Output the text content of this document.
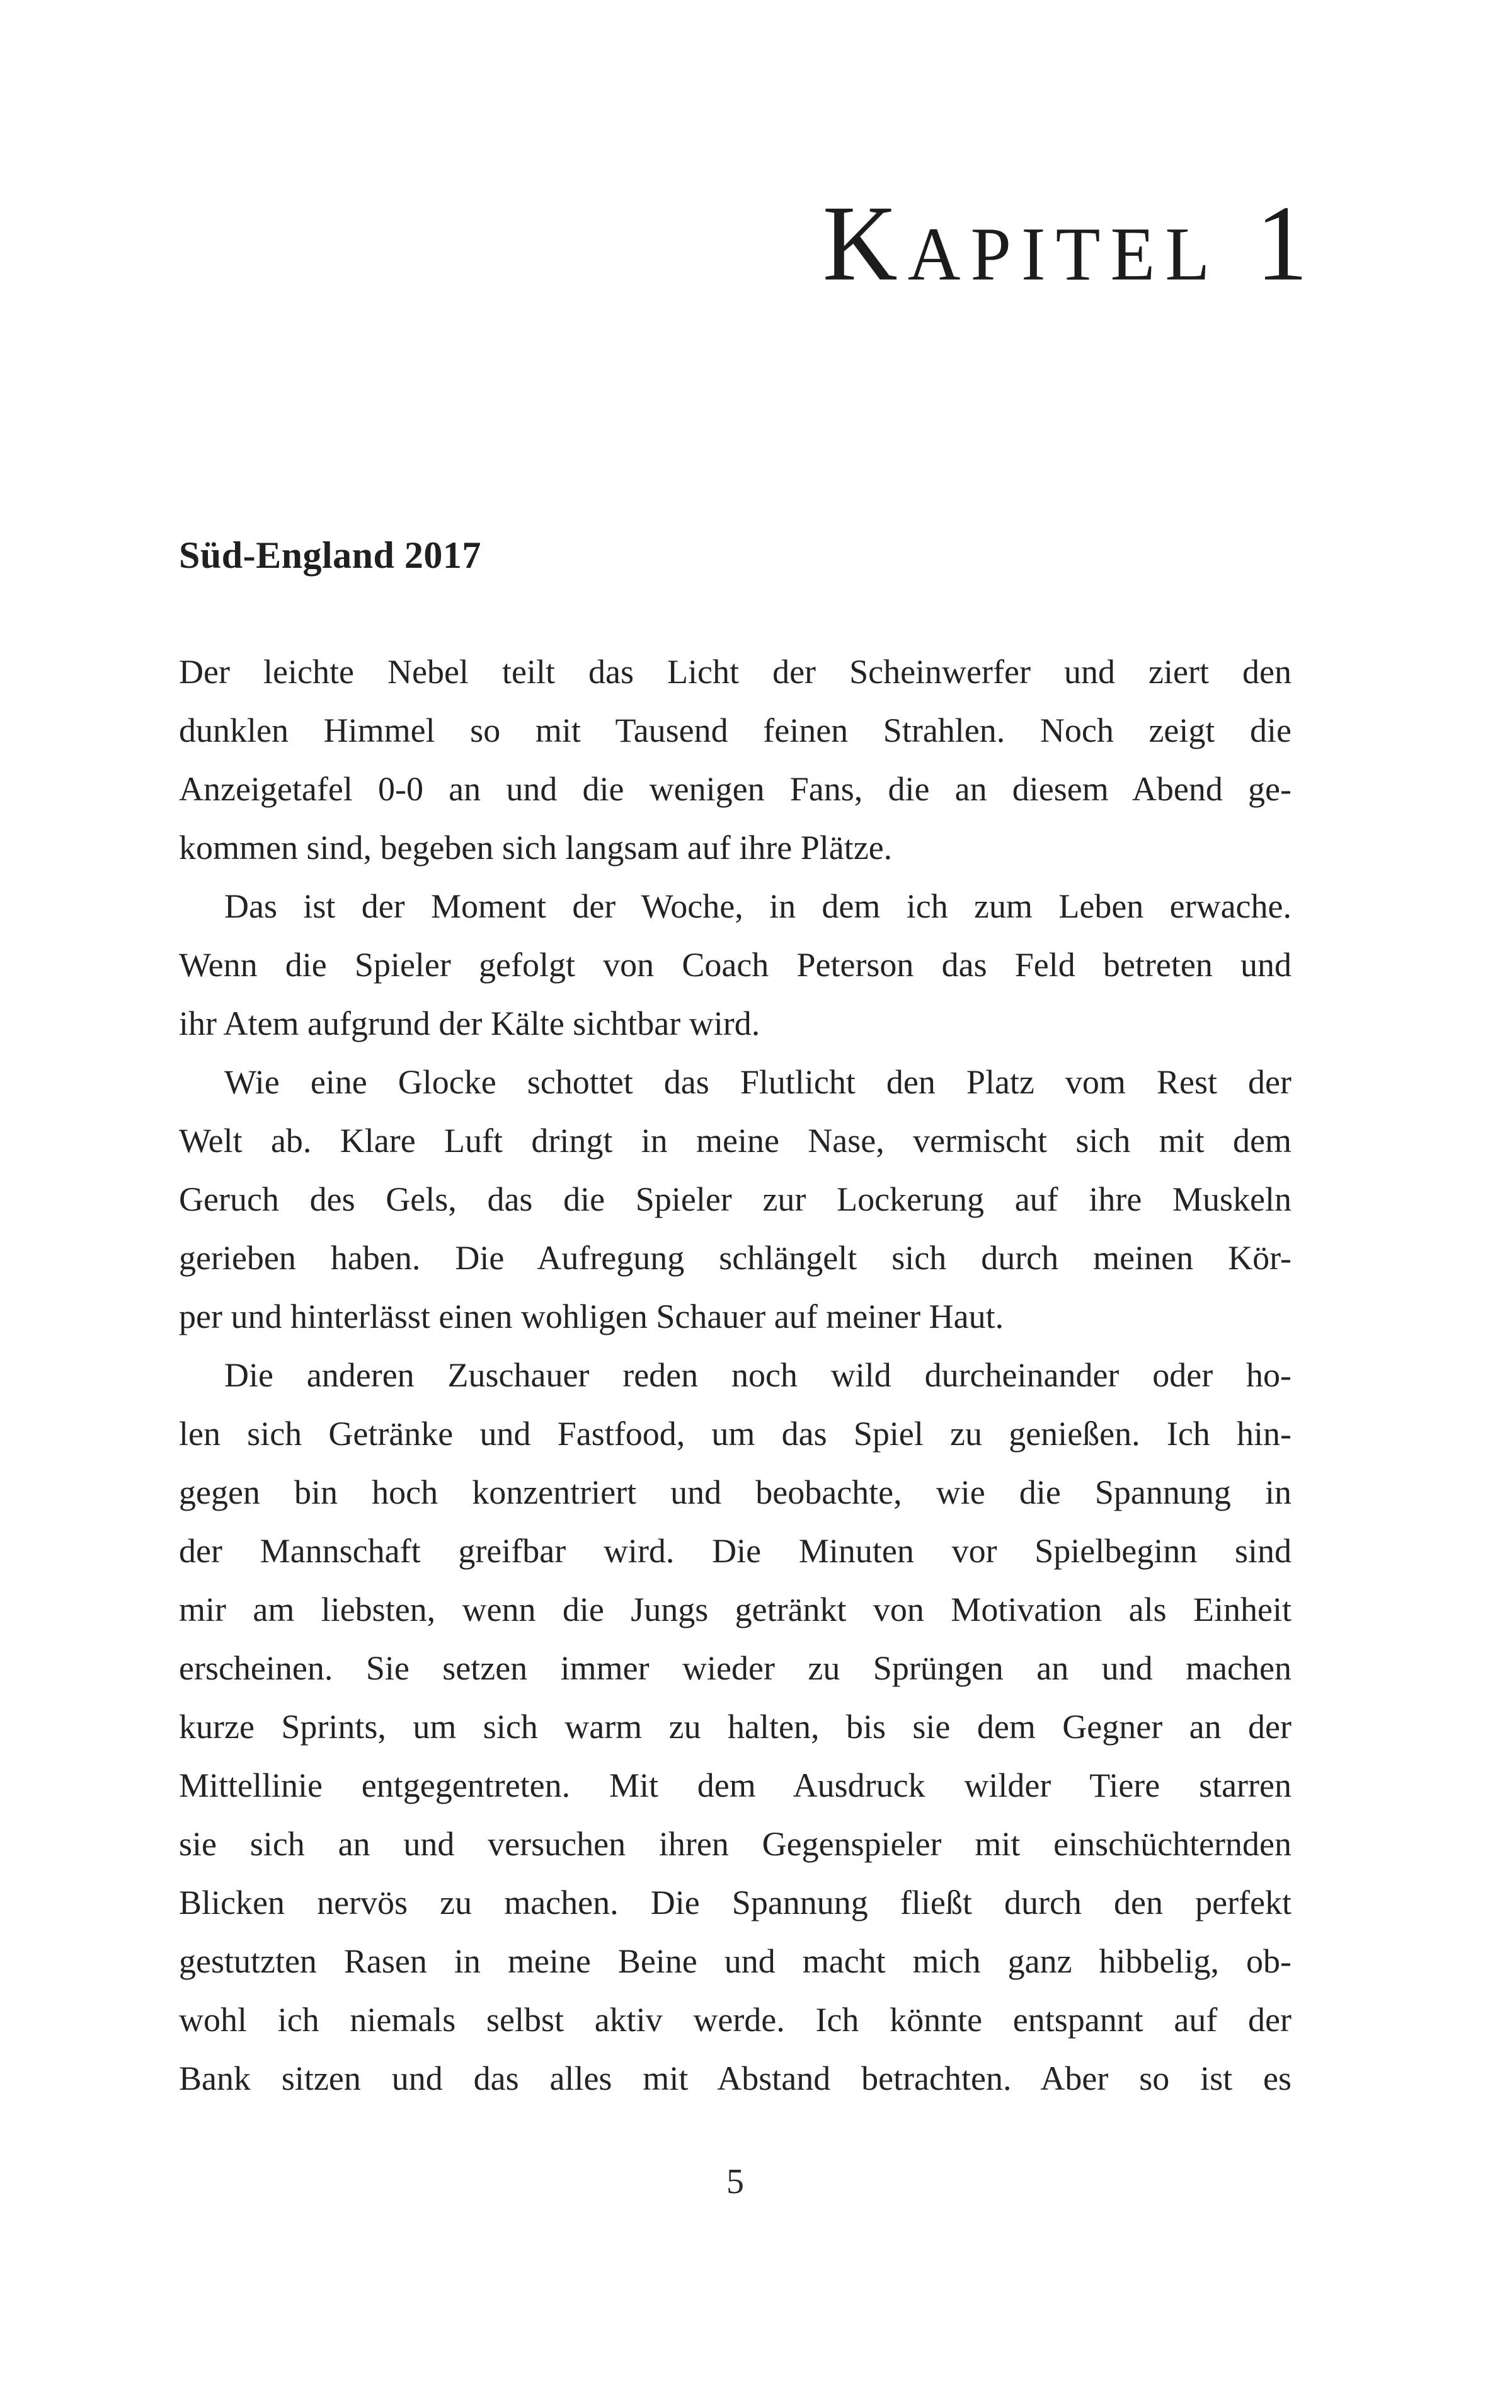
Kapitel 1
Süd-England 2017

Der leichte Nebel teilt das Licht der Scheinwerfer und ziert den
dunklen Himmel so mit Tausend feinen Strahlen. Noch zeigt die
Anzeigetafel 0-0 an und die wenigen Fans, die an diesem Abend ge-
kommen sind, begeben sich langsam auf ihre Plätze.

Das ist der Moment der Woche, in dem ich zum Leben erwache.
Wenn die Spieler gefolgt von Coach Peterson das Feld betreten und
ihr Atem aufgrund der Kälte sichtbar wird.

Wie eine Glocke schottet das Flutlicht den Platz vom Rest der
Welt ab. Klare Luft dringt in meine Nase, vermischt sich mit dem
Geruch des Gels, das die Spieler zur Lockerung auf ihre Muskeln
gerieben haben. Die Aufregung schlängelt sich durch meinen Kör-
per und hinterlässt einen wohligen Schauer auf meiner Haut.

Die anderen Zuschauer reden noch wild durcheinander oder ho-
len sich Getränke und Fastfood, um das Spiel zu genießen. Ich hin-
gegen bin hoch konzentriert und beobachte, wie die Spannung in
der Mannschaft greifbar wird. Die Minuten vor Spielbeginn sind
mir am liebsten, wenn die Jungs getränkt von Motivation als Einheit
erscheinen. Sie setzen immer wieder zu Sprüngen an und machen
kurze Sprints, um sich warm zu halten, bis sie dem Gegner an der
Mittellinie entgegentreten. Mit dem Ausdruck wilder Tiere starren
sie sich an und versuchen ihren Gegenspieler mit einschüchternden
Blicken nervös zu machen. Die Spannung fließt durch den perfekt
gestutzten Rasen in meine Beine und macht mich ganz hibbelig, ob-
wohl ich niemals selbst aktiv werde. Ich könnte entspannt auf der
Bank sitzen und das alles mit Abstand betrachten. Aber so ist es

5
